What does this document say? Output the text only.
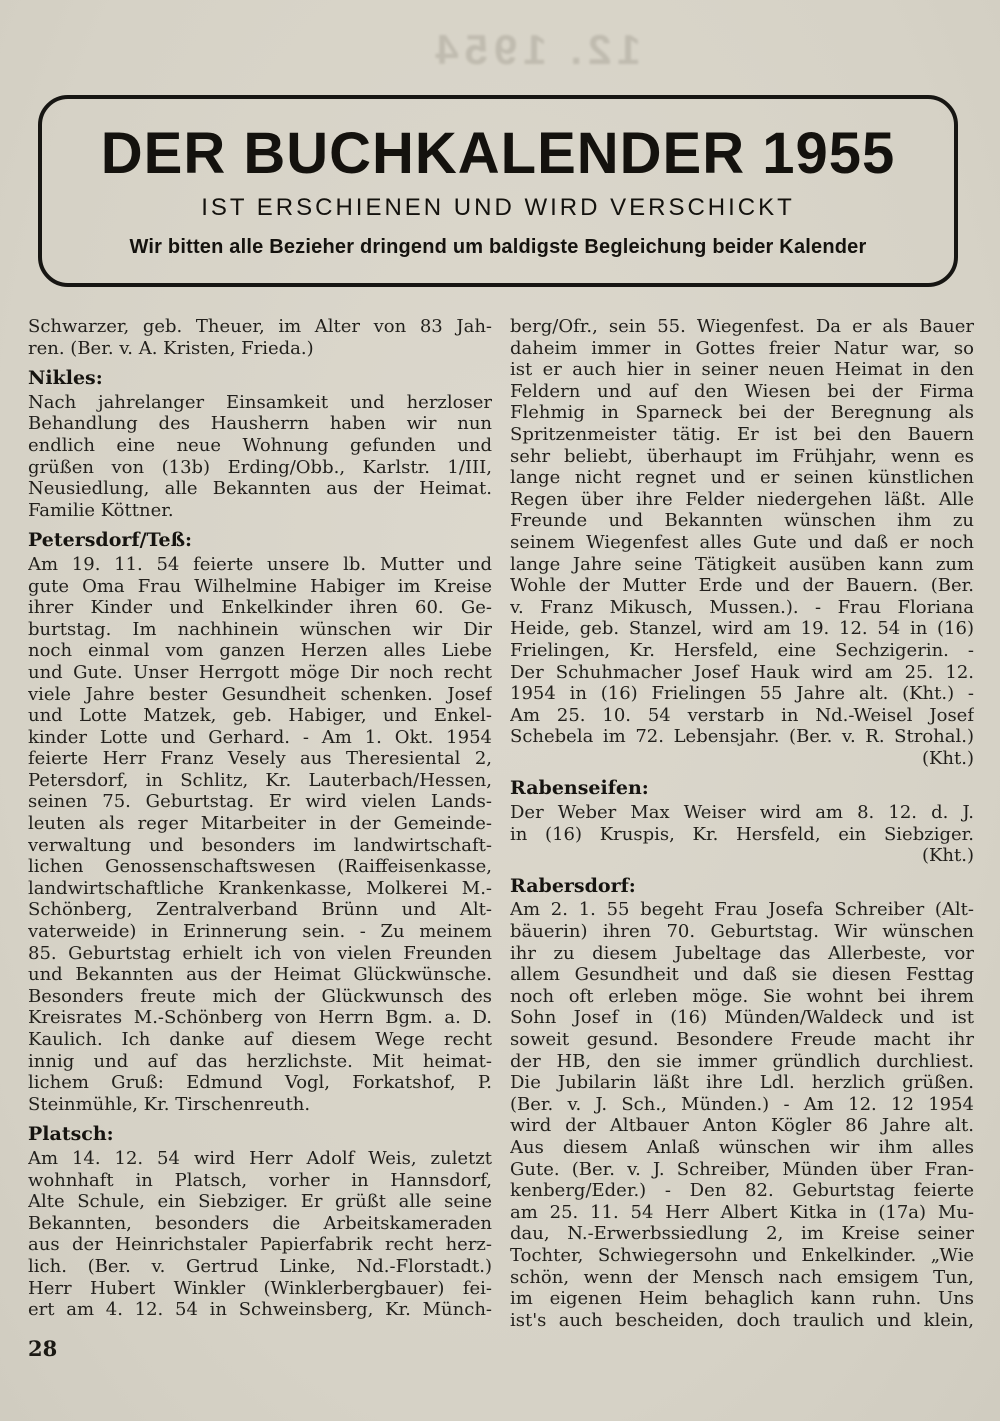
12. 1954
DER BUCHKALENDER 1955
IST ERSCHIENEN UND WIRD VERSCHICKT
Wir bitten alle Bezieher dringend um baldigste Begleichung beider Kalender
Schwarzer, geb. Theuer, im Alter von 83 Jah-
ren. (Ber. v. A. Kristen, Frieda.)
Nikles:
Nach jahrelanger Einsamkeit und herzloser
Behandlung des Hausherrn haben wir nun
endlich eine neue Wohnung gefunden und
grüßen von (13b) Erding/Obb., Karlstr. 1/III,
Neusiedlung, alle Bekannten aus der Heimat.
Familie Köttner.
Petersdorf/Teß:
Am 19. 11. 54 feierte unsere lb. Mutter und
gute Oma Frau Wilhelmine Habiger im Kreise
ihrer Kinder und Enkelkinder ihren 60. Ge-
burtstag. Im nachhinein wünschen wir Dir
noch einmal vom ganzen Herzen alles Liebe
und Gute. Unser Herrgott möge Dir noch recht
viele Jahre bester Gesundheit schenken. Josef
und Lotte Matzek, geb. Habiger, und Enkel-
kinder Lotte und Gerhard. - Am 1. Okt. 1954
feierte Herr Franz Vesely aus Theresiental 2,
Petersdorf, in Schlitz, Kr. Lauterbach/Hessen,
seinen 75. Geburtstag. Er wird vielen Lands-
leuten als reger Mitarbeiter in der Gemeinde-
verwaltung und besonders im landwirtschaft-
lichen Genossenschaftswesen (Raiffeisenkasse,
landwirtschaftliche Krankenkasse, Molkerei M.-
Schönberg, Zentralverband Brünn und Alt-
vaterweide) in Erinnerung sein. - Zu meinem
85. Geburtstag erhielt ich von vielen Freunden
und Bekannten aus der Heimat Glückwünsche.
Besonders freute mich der Glückwunsch des
Kreisrates M.-Schönberg von Herrn Bgm. a. D.
Kaulich. Ich danke auf diesem Wege recht
innig und auf das herzlichste. Mit heimat-
lichem Gruß: Edmund Vogl, Forkatshof, P.
Steinmühle, Kr. Tirschenreuth.
Platsch:
Am 14. 12. 54 wird Herr Adolf Weis, zuletzt
wohnhaft in Platsch, vorher in Hannsdorf,
Alte Schule, ein Siebziger. Er grüßt alle seine
Bekannten, besonders die Arbeitskameraden
aus der Heinrichstaler Papierfabrik recht herz-
lich. (Ber. v. Gertrud Linke, Nd.-Florstadt.)
Herr Hubert Winkler (Winklerbergbauer) fei-
ert am 4. 12. 54 in Schweinsberg, Kr. Münch-
berg/Ofr., sein 55. Wiegenfest. Da er als Bauer
daheim immer in Gottes freier Natur war, so
ist er auch hier in seiner neuen Heimat in den
Feldern und auf den Wiesen bei der Firma
Flehmig in Sparneck bei der Beregnung als
Spritzenmeister tätig. Er ist bei den Bauern
sehr beliebt, überhaupt im Frühjahr, wenn es
lange nicht regnet und er seinen künstlichen
Regen über ihre Felder niedergehen läßt. Alle
Freunde und Bekannten wünschen ihm zu
seinem Wiegenfest alles Gute und daß er noch
lange Jahre seine Tätigkeit ausüben kann zum
Wohle der Mutter Erde und der Bauern. (Ber.
v. Franz Mikusch, Mussen.). - Frau Floriana
Heide, geb. Stanzel, wird am 19. 12. 54 in (16)
Frielingen, Kr. Hersfeld, eine Sechzigerin. -
Der Schuhmacher Josef Hauk wird am 25. 12.
1954 in (16) Frielingen 55 Jahre alt. (Kht.) -
Am 25. 10. 54 verstarb in Nd.-Weisel Josef
Schebela im 72. Lebensjahr. (Ber. v. R. Strohal.)
(Kht.)
Rabenseifen:
Der Weber Max Weiser wird am 8. 12. d. J.
in (16) Kruspis, Kr. Hersfeld, ein Siebziger.
(Kht.)
Rabersdorf:
Am 2. 1. 55 begeht Frau Josefa Schreiber (Alt-
bäuerin) ihren 70. Geburtstag. Wir wünschen
ihr zu diesem Jubeltage das Allerbeste, vor
allem Gesundheit und daß sie diesen Festtag
noch oft erleben möge. Sie wohnt bei ihrem
Sohn Josef in (16) Münden/Waldeck und ist
soweit gesund. Besondere Freude macht ihr
der HB, den sie immer gründlich durchliest.
Die Jubilarin läßt ihre Ldl. herzlich grüßen.
(Ber. v. J. Sch., Münden.) - Am 12. 12 1954
wird der Altbauer Anton Kögler 86 Jahre alt.
Aus diesem Anlaß wünschen wir ihm alles
Gute. (Ber. v. J. Schreiber, Münden über Fran-
kenberg/Eder.) - Den 82. Geburtstag feierte
am 25. 11. 54 Herr Albert Kitka in (17a) Mu-
dau, N.-Erwerbssiedlung 2, im Kreise seiner
Tochter, Schwiegersohn und Enkelkinder. „Wie
schön, wenn der Mensch nach emsigem Tun,
im eigenen Heim behaglich kann ruhn. Uns
ist's auch bescheiden, doch traulich und klein,
28
